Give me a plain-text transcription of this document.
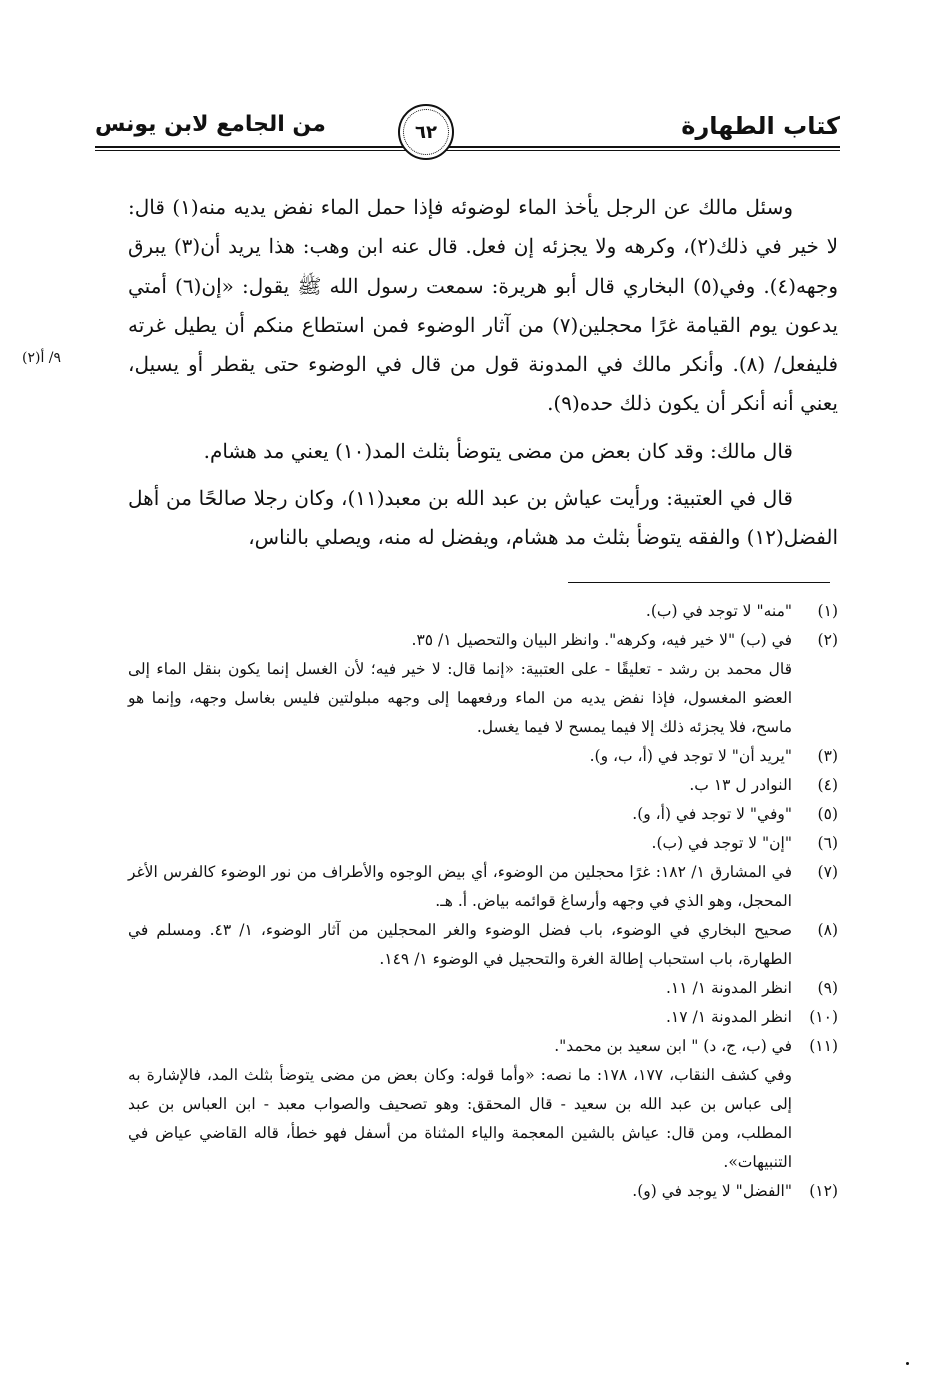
كتاب الطهارة
من الجامع لابن يونس	٦٢
٩/ أ(٢)

وسئل مالك عن الرجل يأخذ الماء لوضوئه فإذا حمل الماء نفض يديه منه(١) قال: لا خير في ذلك(٢)، وكرهه ولا يجزئه إن فعل. قال عنه ابن وهب: هذا يريد أن(٣) يبرق وجهه(٤). وفي(٥) البخاري قال أبو هريرة: سمعت رسول الله ﷺ يقول: «إن(٦) أمتي يدعون يوم القيامة غرًا محجلين(٧) من آثار الوضوء فمن استطاع منكم أن يطيل غرته فليفعل/ (٨). وأنكر مالك في المدونة قول من قال في الوضوء حتى يقطر أو يسيل، يعني أنه أنكر أن يكون ذلك حده(٩).

قال مالك: وقد كان بعض من مضى يتوضأ بثلث المد(١٠) يعني مد هشام.

قال في العتبية: ورأيت عياش بن عبد الله بن معبد(١١)، وكان رجلا صالحًا من أهل الفضل(١٢) والفقه يتوضأ بثلث مد هشام، ويفضل له منه، ويصلي بالناس،

(١)
"منه" لا توجد في (ب).
(٢)
في (ب) "لا خير فيه، وكرهه". وانظر البيان والتحصيل ١/ ٣٥.
قال محمد بن رشد - تعليقًا - على العتبية: «إنما قال: لا خير فيه؛ لأن الغسل إنما يكون بنقل الماء إلى العضو المغسول، فإذا نفض يديه من الماء ورفعهما إلى وجهه مبلولتين فليس بغاسل وجهه، وإنما هو ماسح، فلا يجزئه ذلك إلا فيما يمسح لا فيما يغسل.
(٣)
"يريد أن" لا توجد في (أ، ب، و).
(٤)
النوادر ل ١٣ ب.
(٥)
"وفي" لا توجد في (أ، و).
(٦)
"إن" لا توجد في (ب).
(٧)
في المشارق ١/ ١٨٢: غرًا محجلين من الوضوء، أي بيض الوجوه والأطراف من نور الوضوء كالفرس الأغر المحجل، وهو الذي في وجهه وأرساغ قوائمه بياض. أ. هـ.
(٨)
صحيح البخاري في الوضوء، باب فضل الوضوء والغر المحجلين من آثار الوضوء، ١/ ٤٣. ومسلم في الطهارة، باب استحباب إطالة الغرة والتحجيل في الوضوء ١/ ١٤٩.
(٩)
انظر المدونة ١/ ١١.
(١٠)
انظر المدونة ١/ ١٧.
(١١)
في (ب، ج، د) " ابن سعيد بن محمد".
وفي كشف النقاب، ١٧٧، ١٧٨: ما نصه: «وأما قوله: وكان بعض من مضى يتوضأ بثلث المد، فالإشارة به إلى عباس بن عبد الله بن سعيد - قال المحقق: وهو تصحيف والصواب معبد - ابن العباس بن عبد المطلب، ومن قال: عياش بالشين المعجمة والياء المثناة من أسفل فهو خطأ، قاله القاضي عياض في التنبيهات».
(١٢)
"الفضل" لا يوجد في (و).
